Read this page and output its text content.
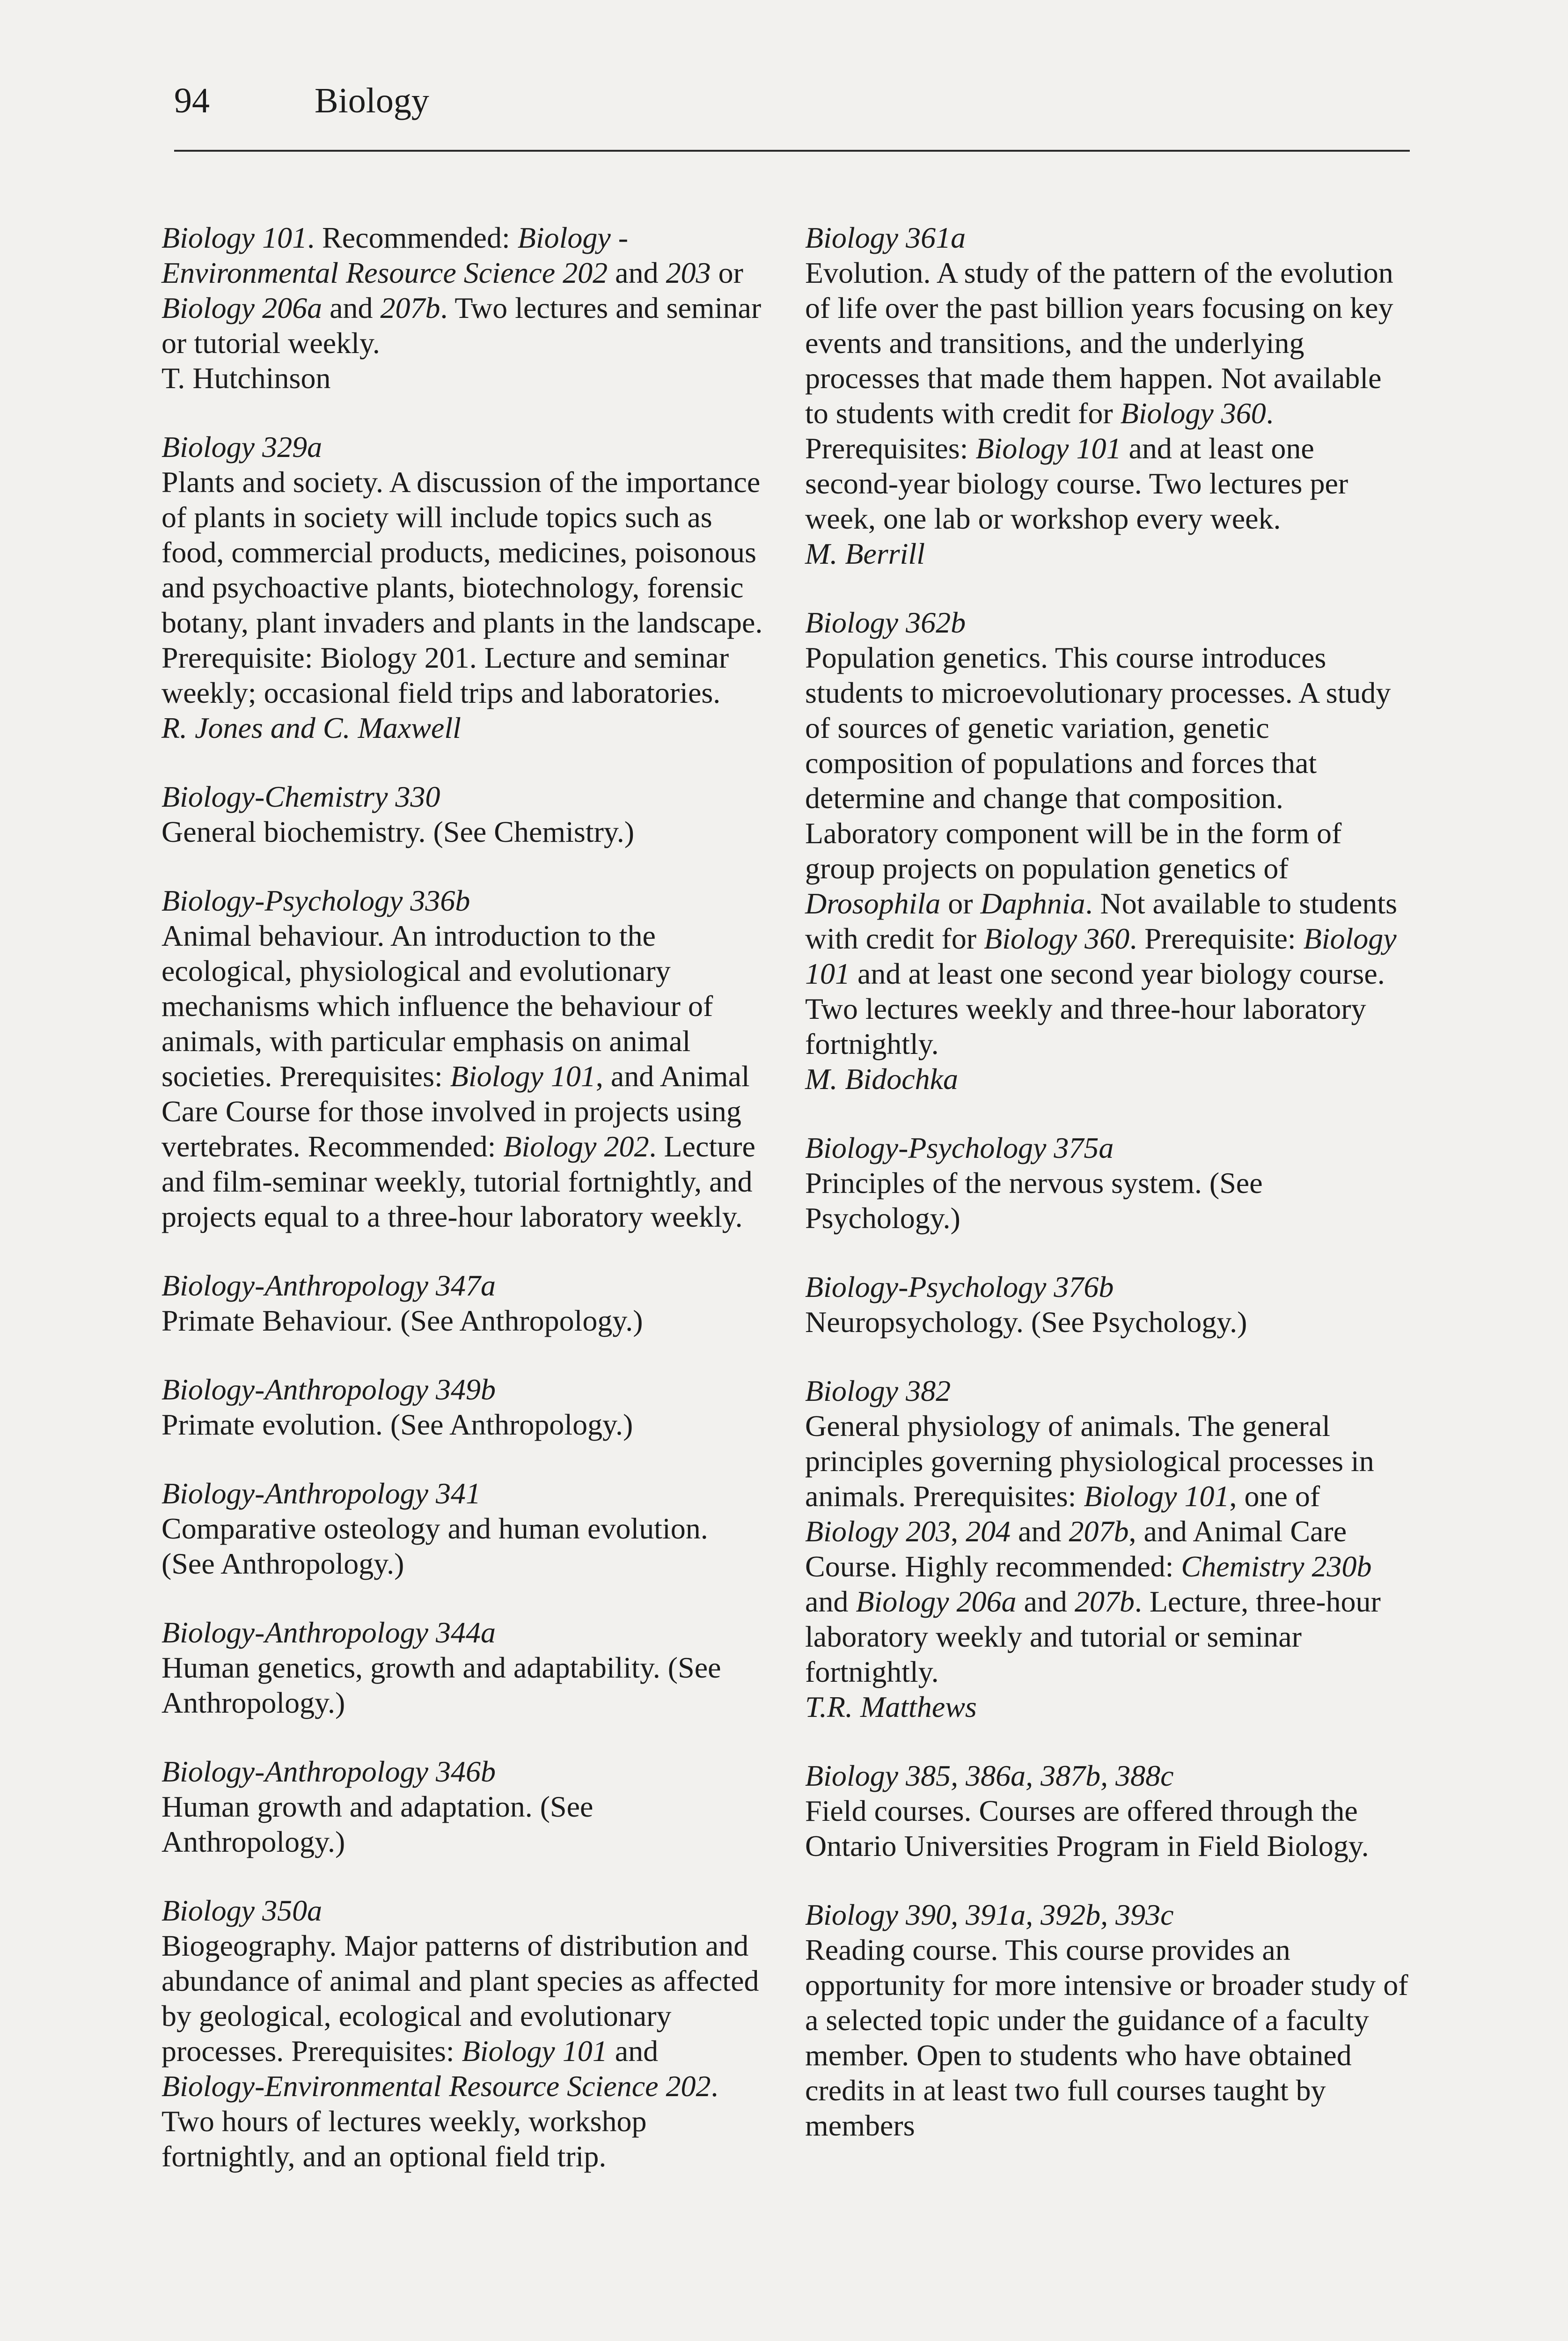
94	Biology
Biology 101. Recommended: Biology - Environmental Resource Science 202 and 203 or Biology 206a and 207b. Two lectures and seminar or tutorial weekly.
T. Hutchinson
Biology 329a
Plants and society. A discussion of the importance of plants in society will include topics such as food, commercial products, medicines, poisonous and psychoactive plants, biotechnology, forensic botany, plant invaders and plants in the landscape. Prerequisite: Biology 201. Lecture and seminar weekly; occasional field trips and laboratories.
R. Jones and C. Maxwell
Biology-Chemistry 330
General biochemistry. (See Chemistry.)
Biology-Psychology 336b
Animal behaviour. An introduction to the ecological, physiological and evolutionary mechanisms which influence the behaviour of animals, with particular emphasis on animal societies. Prerequisites: Biology 101, and Animal Care Course for those involved in projects using vertebrates. Recommended: Biology 202. Lecture and film-seminar weekly, tutorial fortnightly, and projects equal to a three-hour laboratory weekly.
Biology-Anthropology 347a
Primate Behaviour. (See Anthropology.)
Biology-Anthropology 349b
Primate evolution. (See Anthropology.)
Biology-Anthropology 341
Comparative osteology and human evolution. (See Anthropology.)
Biology-Anthropology 344a
Human genetics, growth and adaptability. (See Anthropology.)
Biology-Anthropology 346b
Human growth and adaptation. (See Anthropology.)
Biology 350a
Biogeography. Major patterns of distribution and abundance of animal and plant species as affected by geological, ecological and evolutionary processes. Prerequisites: Biology 101 and Biology-Environmental Resource Science 202. Two hours of lectures weekly, workshop fortnightly, and an optional field trip.
Biology 361a
Evolution. A study of the pattern of the evolution of life over the past billion years focusing on key events and transitions, and the underlying processes that made them happen. Not available to students with credit for Biology 360. Prerequisites: Biology 101 and at least one second-year biology course. Two lectures per week, one lab or workshop every week.
M. Berrill
Biology 362b
Population genetics. This course introduces students to microevolutionary processes. A study of sources of genetic variation, genetic composition of populations and forces that determine and change that composition. Laboratory component will be in the form of group projects on population genetics of Drosophila or Daphnia. Not available to students with credit for Biology 360. Prerequisite: Biology 101 and at least one second year biology course. Two lectures weekly and three-hour laboratory fortnightly.
M. Bidochka
Biology-Psychology 375a
Principles of the nervous system. (See Psychology.)
Biology-Psychology 376b
Neuropsychology. (See Psychology.)
Biology 382
General physiology of animals. The general principles governing physiological processes in animals. Prerequisites: Biology 101, one of Biology 203, 204 and 207b, and Animal Care Course. Highly recommended: Chemistry 230b and Biology 206a and 207b. Lecture, three-hour laboratory weekly and tutorial or seminar fortnightly.
T.R. Matthews
Biology 385, 386a, 387b, 388c
Field courses. Courses are offered through the Ontario Universities Program in Field Biology.
Biology 390, 391a, 392b, 393c
Reading course. This course provides an opportunity for more intensive or broader study of a selected topic under the guidance of a faculty member. Open to students who have obtained credits in at least two full courses taught by members
